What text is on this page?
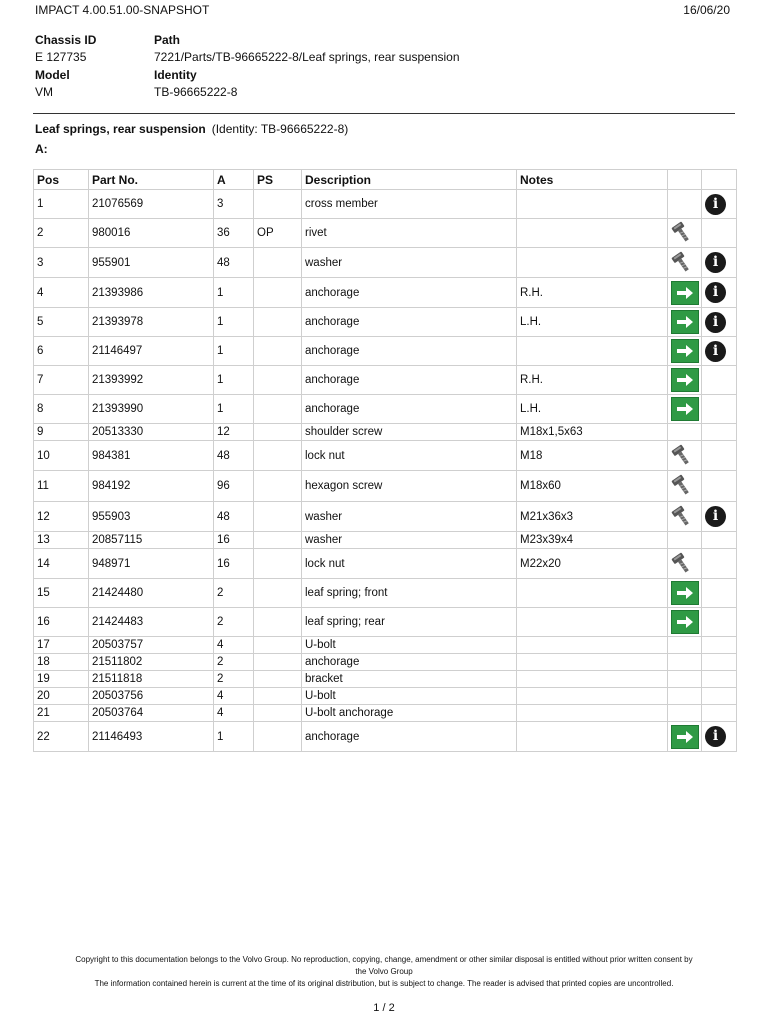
IMPACT 4.00.51.00-SNAPSHOT	16/06/20
Chassis ID
E 127735
Model
VM
Path
7221/Parts/TB-96665222-8/Leaf springs, rear suspension
Identity
TB-96665222-8
Leaf springs, rear suspension (Identity: TB-96665222-8)
A:
Pos	Part No.	A	PS	Description	Notes		
1	21076569	3		cross member			i
2	980016	36	OP	rivet			
3	955901	48		washer			i
4	21393986	1		anchorage	R.H.		i
5	21393978	1		anchorage	L.H.		i
6	21146497	1		anchorage			i
7	21393992	1		anchorage	R.H.	

8	21393990	1		anchorage	L.H.	

9	20513330	12		shoulder screw	M18x1,5x63		
10	984381	48		lock nut	M18		
11	984192	96		hexagon screw	M18x60		
12	955903	48		washer	M21x36x3		i
13	20857115	16		washer	M23x39x4		
14	948971	16		lock nut	M22x20		
15	21424480	2		leaf spring; front		

16	21424483	2		leaf spring; rear		

17	20503757	4		U-bolt			
18	21511802	2		anchorage			
19	21511818	2		bracket			
20	20503756	4		U-bolt			
21	20503764	4		U-bolt anchorage			
22	21146493	1		anchorage			i
Copyright to this documentation belongs to the Volvo Group. No reproduction, copying, change, amendment or other similar disposal is entitled without prior written consent by
the Volvo Group
The information contained herein is current at the time of its original distribution, but is subject to change. The reader is advised that printed copies are uncontrolled.
1 / 2
